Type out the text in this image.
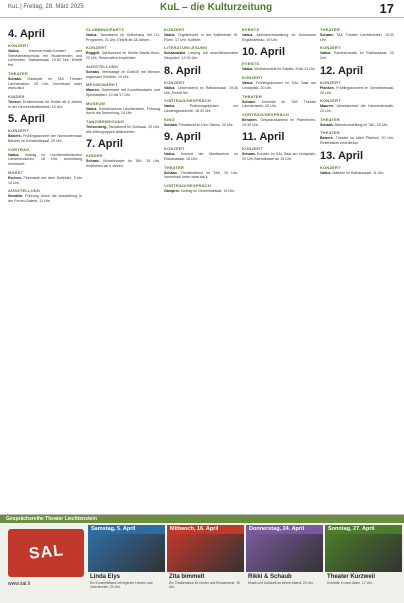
KuL | Freitag, 28. März 2025	KuL – die Kulturzeitung	17
4. April
KONZERT
Vaduz.	Kammermusik-Konzert zum Semesterabschluss mit Studierenden und Lehrenden, Rathaussaal, 19.30 Uhr, Eintritt frei.
THEATER
Schaan. Gastspiel im TAK Theater Liechtenstein, 20 Uhr, Vorverkauf unter www.tak.li.
KINDER
Triesen. Erzählstunde für Kinder ab 5 Jahren in der Gemeindebibliothek, 15 Uhr.
5. April
KONZERT
Balzers. Frühlingskonzert der Harmoniemusik Balzers im Gemeindesaal, 20 Uhr.
VORTRAG
Vaduz. Vortrag im Liechtensteinischen Landesmuseum, 18 Uhr, Anmeldung erwünscht.
MARKT
Eschen. Flohmarkt auf dem Dorfplatz, 9 bis 14 Uhr.
AUSSTELLUNG
Nendeln. Führung durch die Ausstellung in der Forum-Galerie, 11 Uhr.
CLUBBING/PARTY
Vaduz. Tanzabend im Kulturhaus mit DJ-Programm, 21 Uhr, Eintritt ab 18 Jahren.
KONZERT
Ruggell. Jazzkonzert im Küefer-Martis-Huus, 20 Uhr, Reservation empfohlen.
AUSSTELLUNG
Schaan. Vernissage im DoMuS mit Werken regionaler Künstler, 19 Uhr.
MESSE/MARKT
Mauren. Ostermarkt mit Kunsthandwerk und Spezialitäten, 10 bis 17 Uhr.
MUSEUM
Vaduz. Kunstmuseum Liechtenstein, Führung durch die Sammlung, 14 Uhr.
TANZ/BEWEGUNG
Triesenberg. Tanzabend im Dorfsaal, 20 Uhr, alle Altersgruppen willkommen.
7. April
KINDER
Schaan. Kindertheater im TAK, 15 Uhr, empfohlen ab 4 Jahren.
KONZERT
Vaduz. Orgelkonzert in der Kathedrale St. Florin, 17 Uhr, Kollekte.
LITERATUR/LESUNG
Schaanwald. Lesung mit anschliessendem Gespräch, 19.30 Uhr.
8. April
KONZERT
Vaduz. Liederabend im Rathaussaal, 19.30 Uhr, Eintritt frei.
VORTRAG/GESPRÄCH
Vaduz.	Podiumsgespräch zur Landesgeschichte, 18.30 Uhr.
KINO
Schaan. Filmabend im Kino Takino, 20 Uhr.
9. April
KONZERT
Vaduz. Konzert der Musikschule im Rathaussaal, 18 Uhr.
THEATER
Schaan. Theaterabend im TAK, 20 Uhr, Vorverkauf unter www.tak.li.
VORTRAG/GESPRÄCH
Gamprin. Vortrag im Gemeindesaal, 19 Uhr.
EVENTS
Vaduz. Abendveranstaltung im Kunstraum Engländerbau, 19 Uhr.
10. April
EVENTS
Vaduz. Wochenmarkt im Städtle, 8 bis 13 Uhr.
KONZERT
Vaduz. Frühlingskonzert im SAL Saal am Lindaplatz, 20 Uhr.
THEATER
Schaan. Komödie im TAK Theater Liechtenstein, 20 Uhr.
VORTRAG/GESPRÄCH
Bendern. Gesprächsabend im Pfarreiheim, 19.30 Uhr.
11. April
KONZERT
Schaan. Konzert im SAL Saal am Lindaplatz, 20 Uhr, Abendkasse ab 19 Uhr.
THEATER
Schaan. TAK Theater Liechtenstein, 19.30 Uhr.
KONZERT
Vaduz. Kammermusik im Rathaussaal, 20 Uhr.
12. April
KONZERT
Planken. Frühlingskonzert im Gemeindesaal, 20 Uhr.
KONZERT
Mauren. Jahreskonzert der Harmoniemusik, 20 Uhr.
THEATER
Schaan. Abendvorstellung im TAK, 20 Uhr.
THEATER
Balzers. Theater im Alten Pfarrhof, 20 Uhr, Reservation erforderlich.
13. April
KONZERT
Vaduz. Matinée im Rathaussaal, 11 Uhr.
Gesprächsreihe Theater Liechtenstein
SAL
www.sal.li
Samstag, 5. April
Linda Elys
Ein Konzertabend mit eigenen Liedern und Geschichten, 20 Uhr.
Mittwoch, 16. April
Zita bimmelt
Ein Theaterstück für Kinder und Erwachsene, 15 Uhr.
Donnerstag, 24. April
Rikki & Schaub
Musik und Kabarett an einem Abend, 20 Uhr.
Sonntag, 27. April
Theater Kurzweil
Komödie in zwei Akten, 17 Uhr.
